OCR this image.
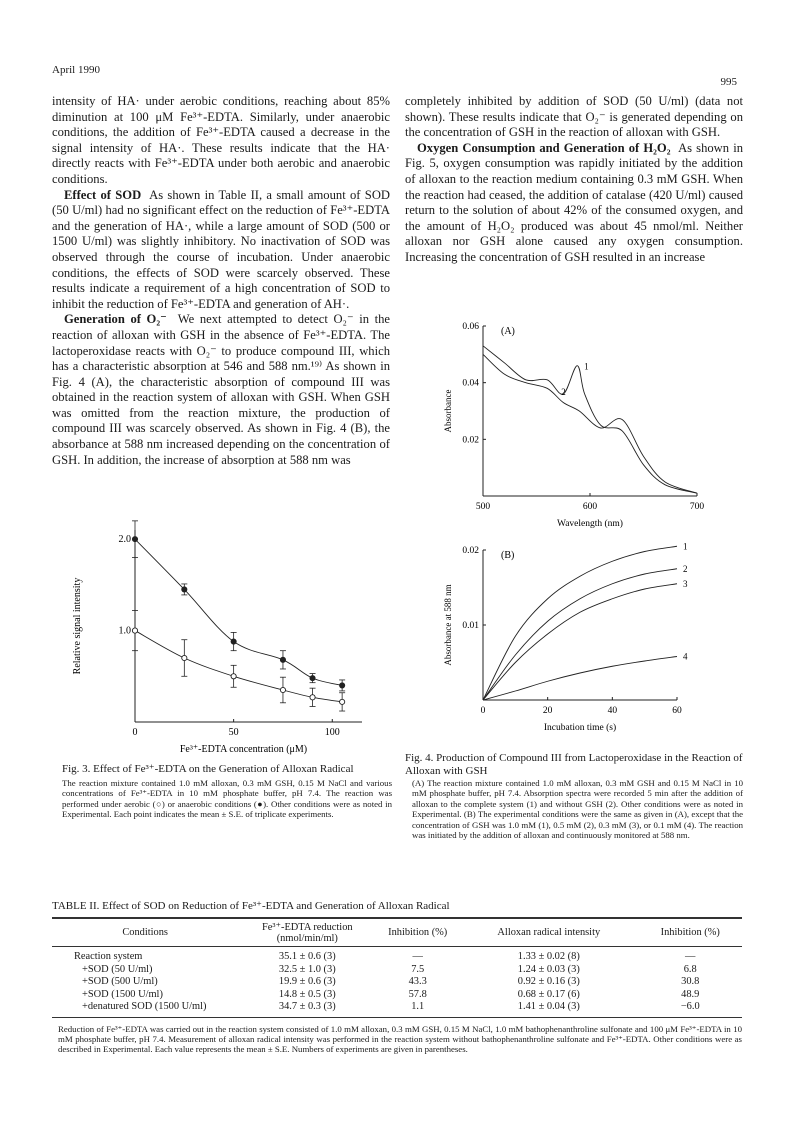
April 1990
995

intensity of HA· under aerobic conditions, reaching about 85% diminution at 100 μM Fe³⁺-EDTA. Similarly, under anaerobic conditions, the addition of Fe³⁺-EDTA caused a decrease in the signal intensity of HA·. These results indicate that the HA· directly reacts with Fe³⁺-EDTA under both aerobic and anaerobic conditions.

Effect of SOD As shown in Table II, a small amount of SOD (50 U/ml) had no significant effect on the reduction of Fe³⁺-EDTA and the generation of HA·, while a large amount of SOD (500 or 1500 U/ml) was slightly inhibitory. No inactivation of SOD was observed through the course of incubation. Under anaerobic conditions, the effects of SOD were scarcely observed. These results indicate a requirement of a high concentration of SOD to inhibit the reduction of Fe³⁺-EDTA and generation of AH·.

Generation of O₂⁻ We next attempted to detect O₂⁻ in the reaction of alloxan with GSH in the absence of Fe³⁺-EDTA. The lactoperoxidase reacts with O₂⁻ to produce compound III, which has a characteristic absorption at 546 and 588 nm.¹⁹⁾ As shown in Fig. 4 (A), the characteristic absorption of compound III was obtained in the reaction system of alloxan with GSH. When GSH was omitted from the reaction mixture, the production of compound III was scarcely observed. As shown in Fig. 4 (B), the absorbance at 588 nm increased depending on the concentration of GSH. In addition, the increase of absorption at 588 nm was

completely inhibited by addition of SOD (50 U/ml) (data not shown). These results indicate that O₂⁻ is generated depending on the concentration of GSH in the reaction of alloxan with GSH.

Oxygen Consumption and Generation of H₂O₂ As shown in Fig. 5, oxygen consumption was rapidly initiated by the addition of alloxan to the reaction medium containing 0.3 mM GSH. When the reaction had ceased, the addition of catalase (420 U/ml) caused return to the solution of about 42% of the consumed oxygen, and the amount of H₂O₂ produced was about 45 nmol/ml. Neither alloxan nor GSH alone caused any oxygen consumption. Increasing the concentration of GSH resulted in an increase

0	50	100
1.0
2.0
Relative signal intensity
Fe³⁺-EDTA concentration (μM)
Fig. 3. Effect of Fe³⁺-EDTA on the Generation of Alloxan Radical
The reaction mixture contained 1.0 mM alloxan, 0.3 mM GSH, 0.15 M NaCl and various concentrations of Fe³⁺-EDTA in 10 mM phosphate buffer, pH 7.4. The reaction was performed under aerobic (○) or anaerobic conditions (●). Other conditions were as noted in Experimental. Each point indicates the mean ± S.E. of triplicate experiments.
500	600	700
0.02
0.04
0.06 (A)
Absorbance
Wavelength (nm)
1
2
0	20	40	60
0.01
0.02 (B)
Absorbance at 588 nm
Incubation time (s)
1
2
3
4
Fig. 4. Production of Compound III from Lactoperoxidase in the Reaction of Alloxan with GSH
(A) The reaction mixture contained 1.0 mM alloxan, 0.3 mM GSH and 0.15 M NaCl in 10 mM phosphate buffer, pH 7.4. Absorption spectra were recorded 5 min after the addition of alloxan to the complete system (1) and without GSH (2). Other conditions were as noted in Experimental. (B) The experimental conditions were the same as given in (A), except that the concentration of GSH was 1.0 mM (1), 0.5 mM (2), 0.3 mM (3), or 0.1 mM (4). The reaction was initiated by the addition of alloxan and continuously monitored at 588 nm.
TABLE II. Effect of SOD on Reduction of Fe³⁺-EDTA and Generation of Alloxan Radical
Conditions	Fe³⁺-EDTA reduction (nmol/min/ml)	Inhibition (%)	Alloxan radical intensity	Inhibition (%)
Reaction system	35.1 ± 0.6 (3)	—	1.33 ± 0.02 (8)	—
+SOD (50 U/ml)	32.5 ± 1.0 (3)	7.5	1.24 ± 0.03 (3)	6.8
+SOD (500 U/ml)	19.9 ± 0.6 (3)	43.3	0.92 ± 0.16 (3)	30.8
+SOD (1500 U/ml)	14.8 ± 0.5 (3)	57.8	0.68 ± 0.17 (6)	48.9
+denatured SOD (1500 U/ml)	34.7 ± 0.3 (3)	1.1	1.41 ± 0.04 (3)	−6.0
Reduction of Fe³⁺-EDTA was carried out in the reaction system consisted of 1.0 mM alloxan, 0.3 mM GSH, 0.15 M NaCl, 1.0 mM bathophenanthroline sulfonate and 100 μM Fe³⁺-EDTA in 10 mM phosphate buffer, pH 7.4. Measurement of alloxan radical intensity was performed in the reaction system without bathophenanthroline sulfonate and Fe³⁺-EDTA. Other conditions were as described in Experimental. Each value represents the mean ± S.E. Numbers of experiments are given in parentheses.
